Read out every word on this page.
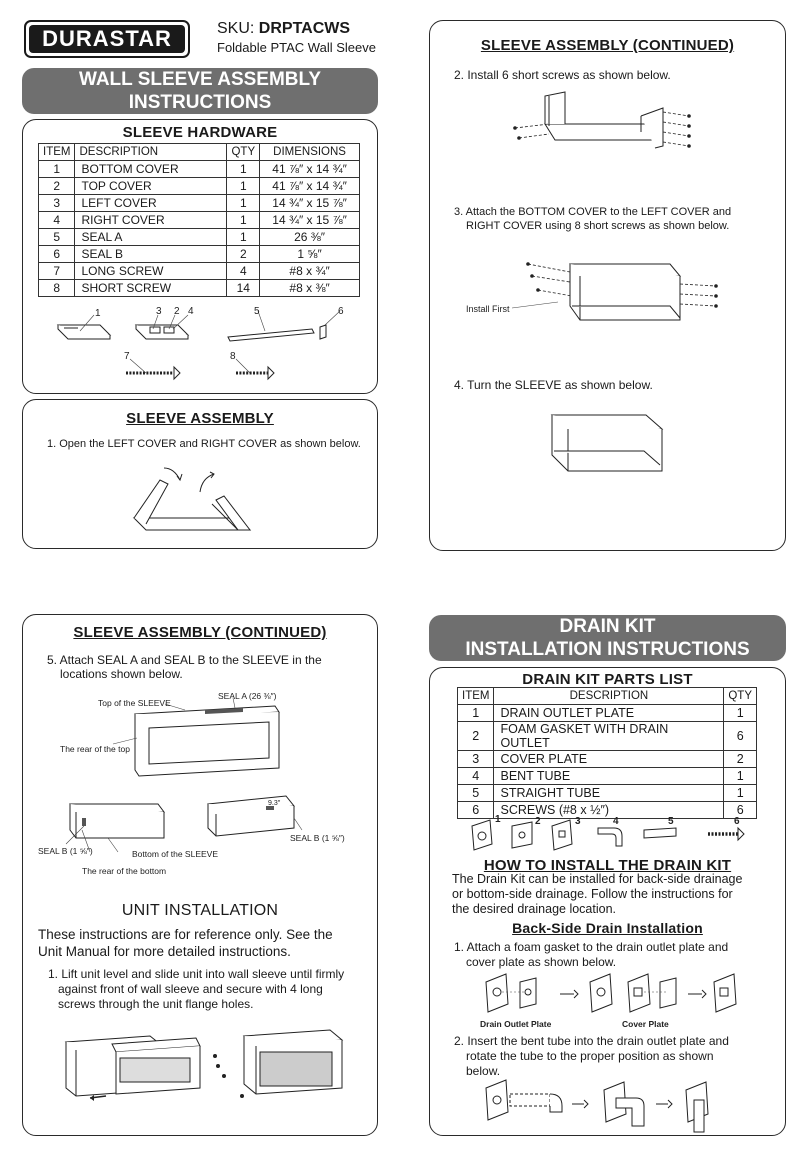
DURASTAR	SKU: DRPTACWS
Foldable PTAC Wall Sleeve
WALL SLEEVE ASSEMBLY
INSTRUCTIONS
SLEEVE HARDWARE
ITEM	DESCRIPTION	QTY	DIMENSIONS
1	BOTTOM COVER	1	41 ⅞″ x 14 ¾″
2	TOP COVER	1	41 ⅞″ x 14 ¾″
3	LEFT COVER	1	14 ¾″ x 15 ⅞″
4	RIGHT COVER	1	14 ¾″ x 15 ⅞″
5	SEAL A	1	26 ⅜″
6	SEAL B	2	1 ⅝″
7	LONG SCREW	4	#8 x ¾″
8	SHORT SCREW	14	#8 x ⅜″
1	3 2 4	5	6
7	8
SLEEVE ASSEMBLY
1. Open the LEFT COVER and RIGHT COVER as shown below.
SLEEVE ASSEMBLY (CONTINUED)
2. Install 6 short screws as shown below.
3. Attach the BOTTOM COVER to the LEFT COVER and
RIGHT COVER using 8 short screws as shown below.
Install First
4. Turn the SLEEVE as shown below.
SLEEVE ASSEMBLY (CONTINUED)
5. Attach SEAL A and SEAL B to the SLEEVE in the
locations shown below.
Top of the SLEEVE
SEAL A (26 ⅜″)
The rear of the top
9.3″
SEAL B (1 ⅝″)
SEAL B (1 ⅝″)
Bottom of the SLEEVE
The rear of the bottom
UNIT INSTALLATION
These instructions are for reference only. See the
Unit Manual for more detailed instructions.
1. Lift unit level and slide unit into wall sleeve until firmly
against front of wall sleeve and secure with 4 long
screws through the unit flange holes.
DRAIN KIT
INSTALLATION INSTRUCTIONS
DRAIN KIT PARTS LIST
ITEM	DESCRIPTION	QTY
1	DRAIN OUTLET PLATE	1
2	FOAM GASKET WITH DRAIN OUTLET	6
3	COVER PLATE	2
4	BENT TUBE	1
5	STRAIGHT TUBE	1
6	SCREWS (#8 x ½″)	6
1	2	3	4	5	6
HOW TO INSTALL THE DRAIN KIT
The Drain Kit can be installed for back-side drainage
or bottom-side drainage. Follow the instructions for
the desired drainage location.
Back-Side Drain Installation
1. Attach a foam gasket to the drain outlet plate and
cover plate as shown below.
Drain Outlet Plate	Cover Plate
2. Insert the bent tube into the drain outlet plate and
rotate the tube to the proper position as shown
below.
